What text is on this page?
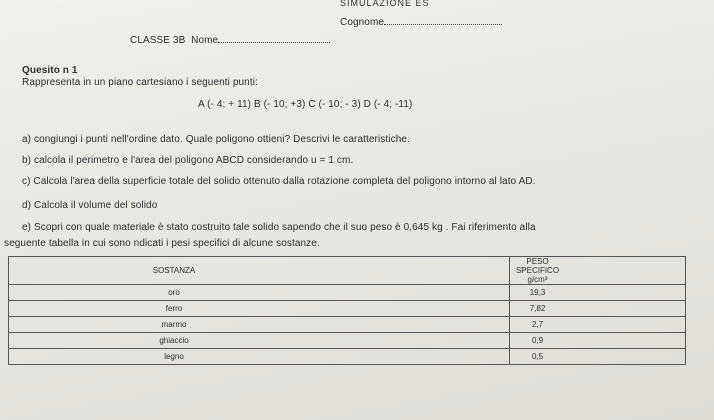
SIMULAZIONE ES
Cognome
CLASSE 3B Nome
Quesito n 1
Rappresenta in un piano cartesiano i seguenti punti:
A (- 4; + 11) B (- 10; +3) C (- 10; - 3) D (- 4; -11)
a) congiungi i punti nell'ordine dato. Quale poligono ottieni? Descrivi le caratteristiche.
b) calcola il perimetro e l'area del poligono ABCD considerando u = 1 cm.
c) Calcola l'area della superficie totale del solido ottenuto dalla rotazione completa del poligono intorno al lato AD.
d) Calcola il volume del solido
e) Scopri con quale materiale è stato costruito tale solido sapendo che il suo peso è 0,645 kg . Fai riferimento alla
seguente tabella in cui sono ndicati i pesi specifici di alcune sostanze.
SOSTANZA	PESO SPECIFICO g/cm³
oro	19,3
ferro	7,82
marmo	2,7
ghiaccio	0,9
legno	0,5
